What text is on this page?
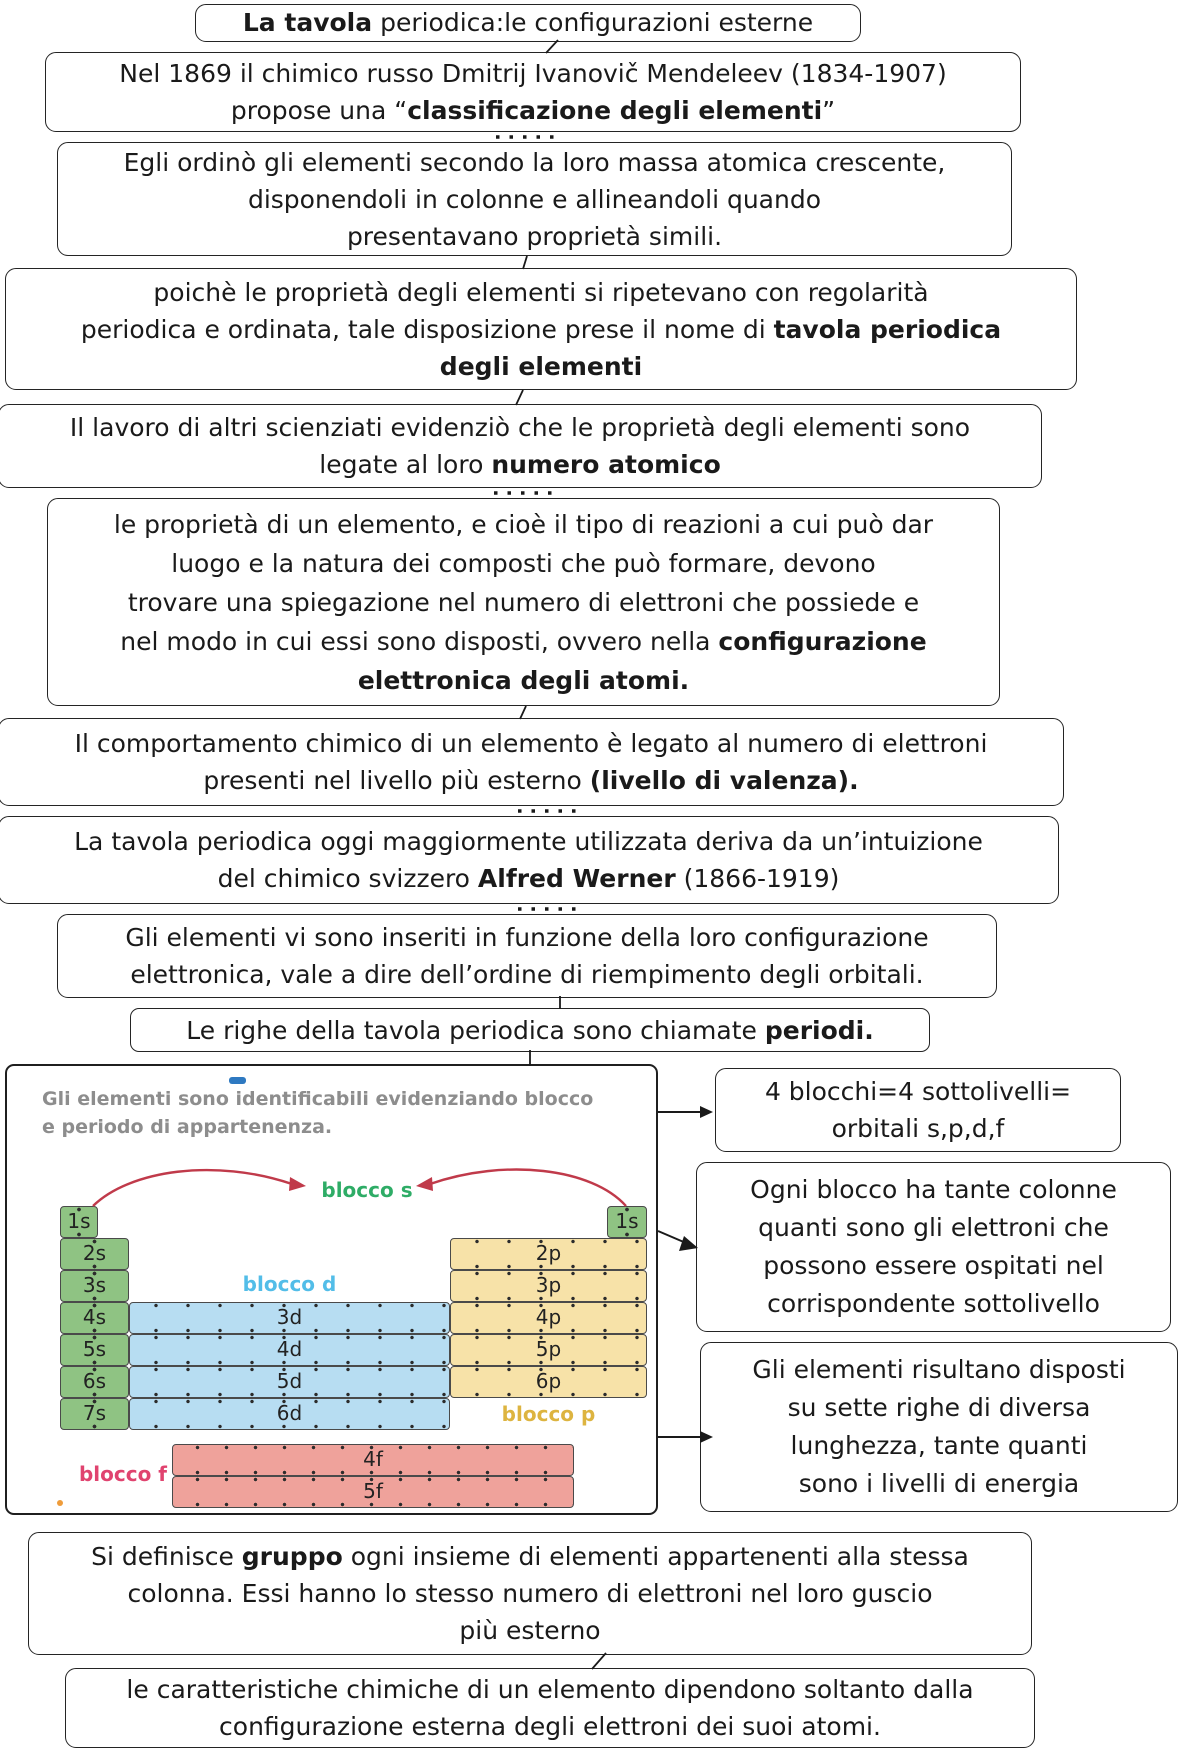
La tavola periodica:le configurazioni esterne
Nel 1869 il chimico russo Dmitrij Ivanovič Mendeleev (1834-1907)
propose una “classificazione degli elementi”
Egli ordinò gli elementi secondo la loro massa atomica crescente,
disponendoli in colonne e allineandoli quando
presentavano proprietà simili.
poichè le proprietà degli elementi si ripetevano con regolarità
periodica e ordinata, tale disposizione prese il nome di tavola periodica
degli elementi
Il lavoro di altri scienziati evidenziò che le proprietà degli elementi sono
legate al loro numero atomico
le proprietà di un elemento, e cioè il tipo di reazioni a cui può dar
luogo e la natura dei composti che può formare, devono
trovare una spiegazione nel numero di elettroni che possiede e
nel modo in cui essi sono disposti, ovvero nella configurazione
elettronica degli atomi.
Il comportamento chimico di un elemento è legato al numero di elettroni
presenti nel livello più esterno (livello di valenza).
La tavola periodica oggi maggiormente utilizzata deriva da un’intuizione
del chimico svizzero Alfred Werner (1866-1919)
Gli elementi vi sono inseriti in funzione della loro configurazione
elettronica, vale a dire dell’ordine di riempimento degli orbitali.
Le righe della tavola periodica sono chiamate periodi.
4 blocchi=4 sottolivelli=
orbitali s,p,d,f
Ogni blocco ha tante colonne
quanti sono gli elettroni che
possono essere ospitati nel
corrispondente sottolivello
Gli elementi risultano disposti
su sette righe di diversa
lunghezza, tante quanti
sono i livelli di energia
Si definisce gruppo ogni insieme di elementi appartenenti alla stessa
colonna. Essi hanno lo stesso numero di elettroni nel loro guscio
più esterno
le caratteristiche chimiche di un elemento dipendono soltanto dalla
configurazione esterna degli elettroni dei suoi atomi.
Gli elementi sono identificabili evidenziando blocco
e periodo di appartenenza.
blocco s
blocco d
blocco p
blocco f
1s	1s
2s
3s
4s
5s
6s
7s
2p
3p
4p
5p
6p
3d
4d
5d
6d
4f
5f
